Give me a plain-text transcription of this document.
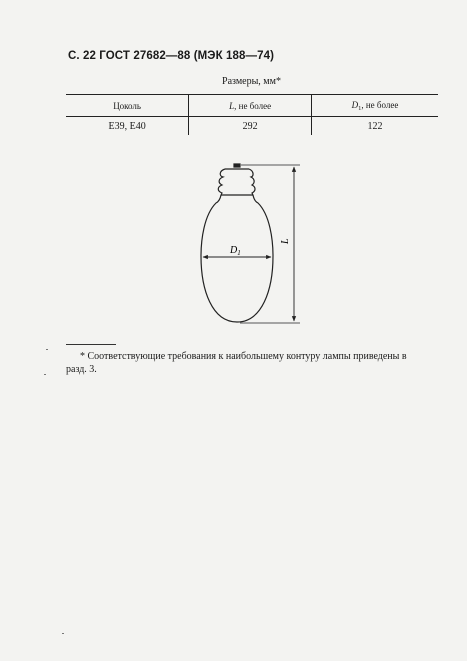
С. 22 ГОСТ 27682—88 (МЭК 188—74)
Размеры, мм*
Цоколь	L, не более	$D_1$, не более
E39, E40	292	122
$D_1$
L
* Соответствующие требования к наибольшему контуру лампы приведены в
разд. 3.
